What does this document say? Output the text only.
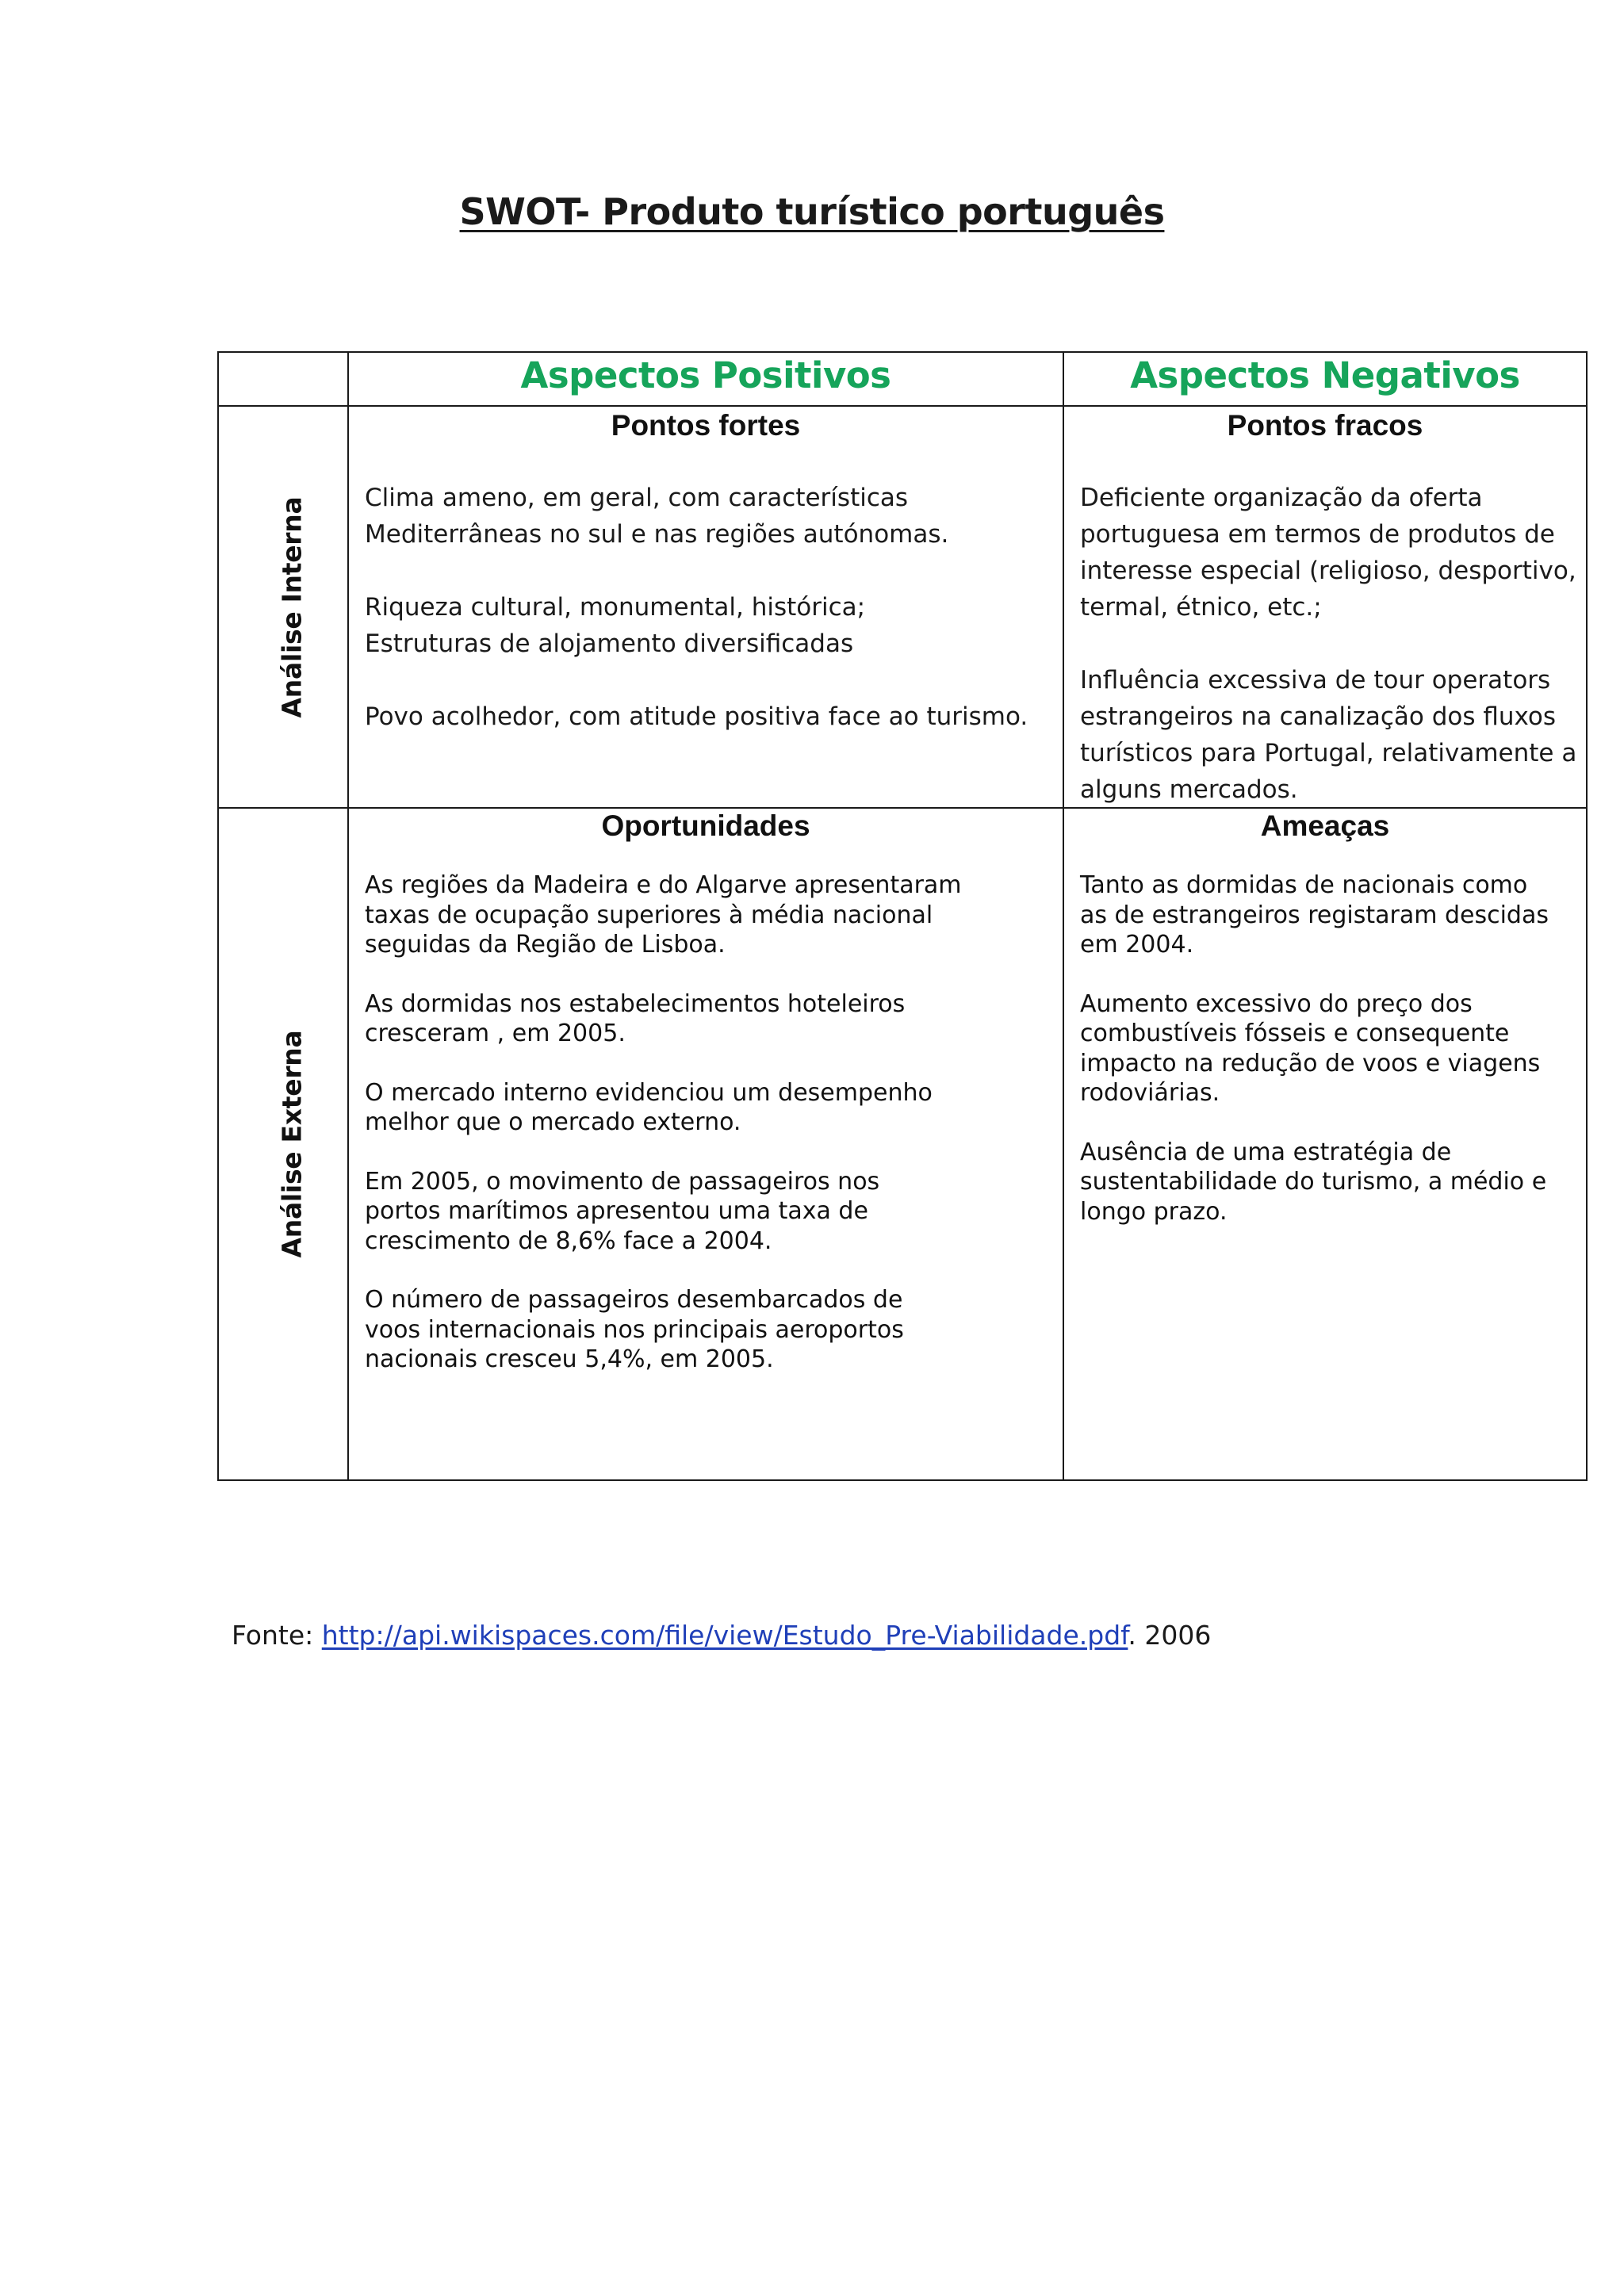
SWOT- Produto turístico português
Aspectos Positivos	Aspectos Negativos
Análise Interna
Análise Externa
Pontos fortes

Clima ameno, em geral, com características
Mediterrâneas no sul e nas regiões autónomas.

Riqueza cultural, monumental, histórica;
Estruturas de alojamento diversificadas

Povo acolhedor, com atitude positiva face ao turismo.

Pontos fracos

Deficiente organização da oferta
portuguesa em termos de produtos de
interesse especial (religioso, desportivo,
termal, étnico, etc.;

Influência excessiva de tour operators
estrangeiros na canalização dos fluxos
turísticos para Portugal, relativamente a
alguns mercados.

Oportunidades

As regiões da Madeira e do Algarve apresentaram
taxas de ocupação superiores à média nacional
seguidas da Região de Lisboa.

As dormidas nos estabelecimentos hoteleiros
cresceram , em 2005.

O mercado interno evidenciou um desempenho
melhor que o mercado externo.

Em 2005, o movimento de passageiros nos
portos marítimos apresentou uma taxa de
crescimento de 8,6% face a 2004.

O número de passageiros desembarcados de
voos internacionais nos principais aeroportos
nacionais cresceu 5,4%, em 2005.

Ameaças

Tanto as dormidas de nacionais como
as de estrangeiros registaram descidas
em 2004.

Aumento excessivo do preço dos
combustíveis fósseis e consequente
impacto na redução de voos e viagens
rodoviárias.

Ausência de uma estratégia de
sustentabilidade do turismo, a médio e
longo prazo.

Fonte: http://api.wikispaces.com/file/view/Estudo_Pre-Viabilidade.pdf. 2006
